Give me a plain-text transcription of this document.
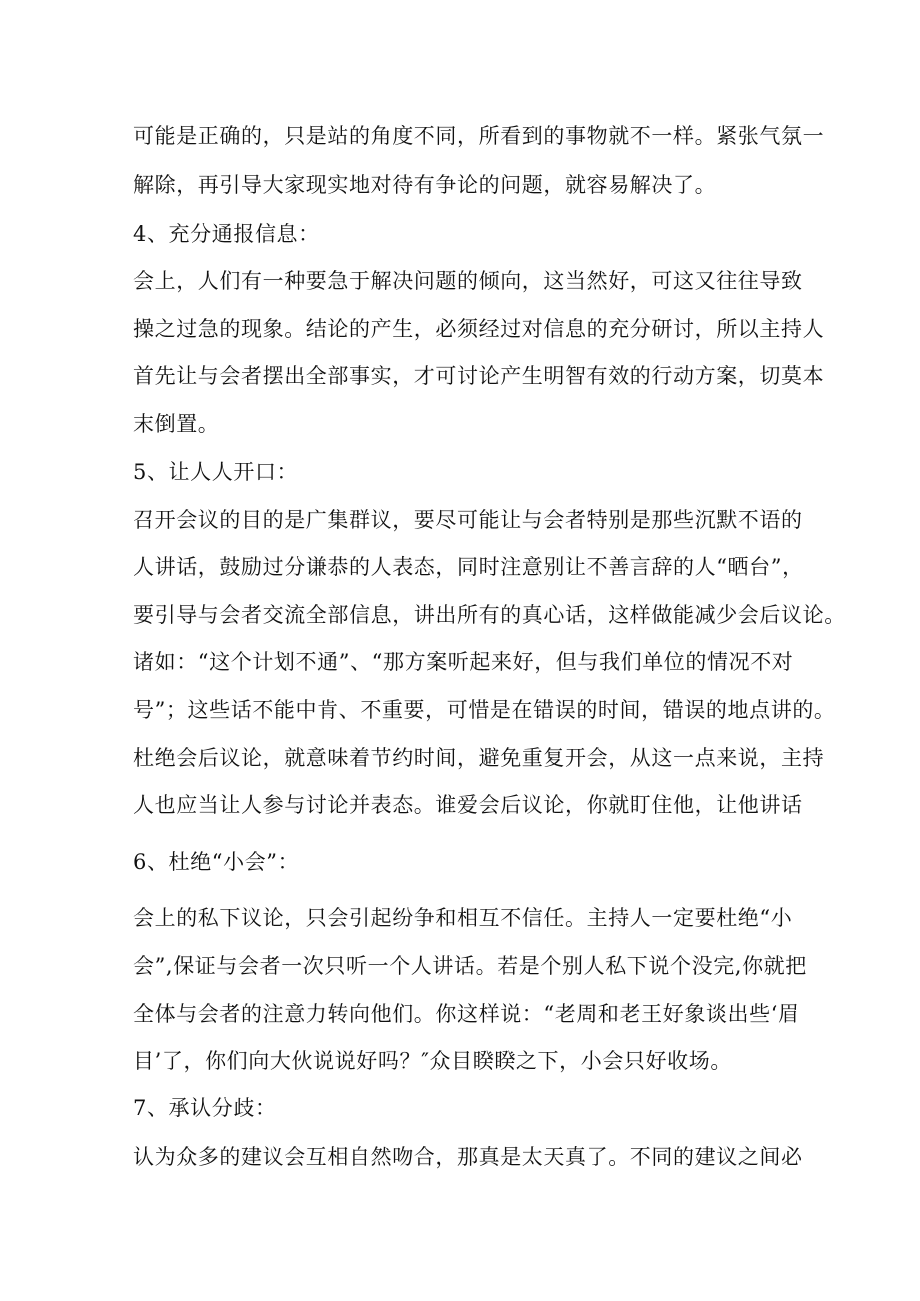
可能是正确的，只是站的角度不同，所看到的事物就不一样。紧张气氛一
解除，再引导大家现实地对待有争论的问题，就容易解决了。
4、充分通报信息：
会上，人们有一种要急于解决问题的倾向，这当然好，可这又往往导致
操之过急的现象。结论的产生，必须经过对信息的充分研讨，所以主持人
首先让与会者摆出全部事实，才可讨论产生明智有效的行动方案，切莫本
末倒置。
5、让人人开口：
召开会议的目的是广集群议，要尽可能让与会者特别是那些沉默不语的
人讲话，鼓励过分谦恭的人表态，同时注意别让不善言辞的人“晒台”，
要引导与会者交流全部信息，讲出所有的真心话，这样做能减少会后议论。
诸如：“这个计划不通”、“那方案听起来好，但与我们单位的情况不对
号”；这些话不能中肯、不重要，可惜是在错误的时间，错误的地点讲的。
杜绝会后议论，就意味着节约时间，避免重复开会，从这一点来说，主持
人也应当让人参与讨论并表态。谁爱会后议论，你就盯住他，让他讲话
6、杜绝“小会”：
会上的私下议论，只会引起纷争和相互不信任。主持人一定要杜绝“小
会”,保证与会者一次只听一个人讲话。若是个别人私下说个没完,你就把
全体与会者的注意力转向他们。你这样说：“老周和老王好象谈出些‘眉
目’了，你们向大伙说说好吗？″众目睽睽之下，小会只好收场。
7、承认分歧：
认为众多的建议会互相自然吻合，那真是太天真了。不同的建议之间必
